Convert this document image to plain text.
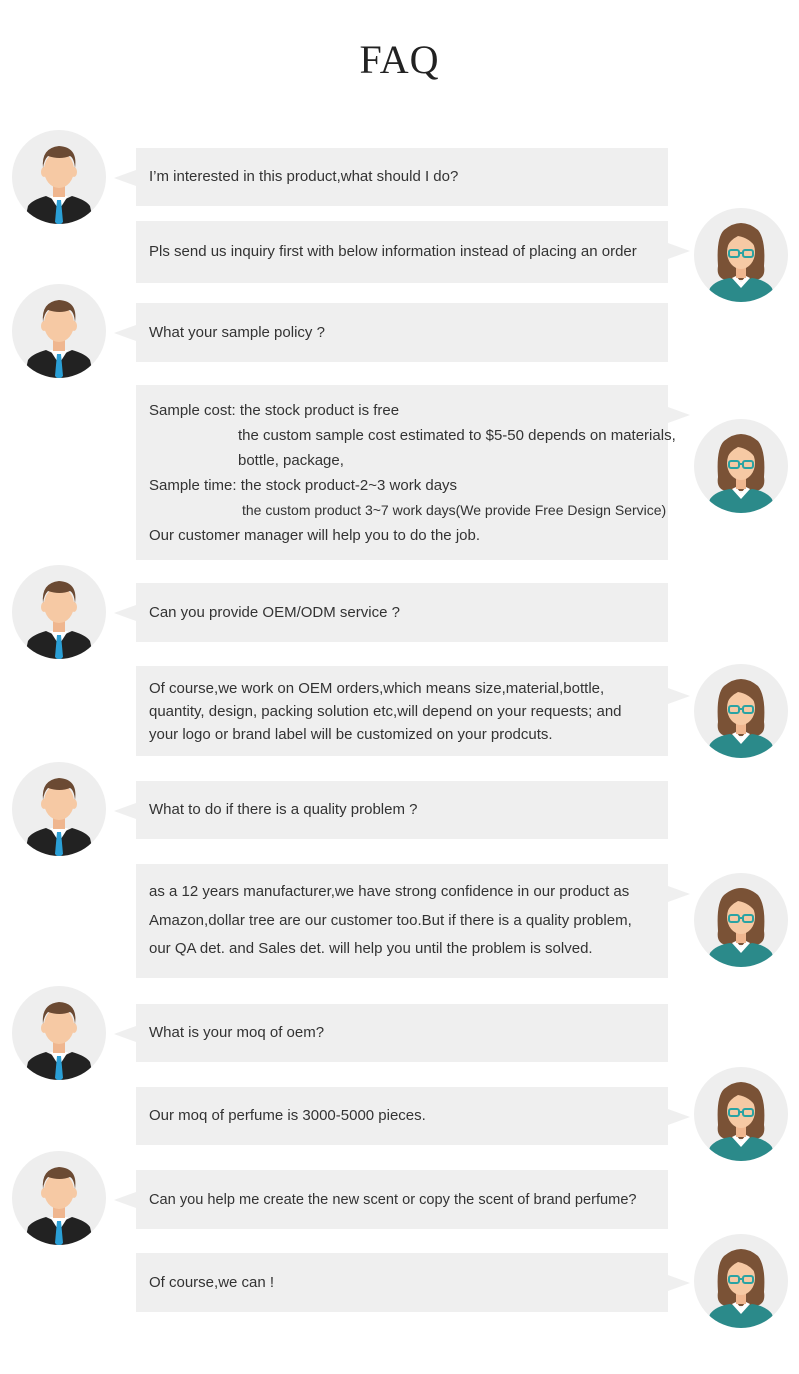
FAQ
I’m interested in this product,what should I do?
Pls send us inquiry first with below information instead of placing an order
What your sample policy ?
Sample cost: the stock product is free
the custom sample cost estimated to $5-50 depends on materials,
bottle, package,
Sample time: the stock product-2~3 work days
the custom product 3~7 work days(We provide Free Design Service)
Our customer manager will help you to do the job.
Can you provide OEM/ODM service ?
Of course,we work on OEM orders,which means size,material,bottle,
quantity, design, packing solution etc,will depend on your requests; and
your logo or brand label will be customized on your prodcuts.
What to do if there is a quality problem ?
as a 12 years manufacturer,we have strong confidence in our product as
Amazon,dollar tree are our customer too.But if there is a quality problem,
our QA det. and Sales det. will help you until the problem is solved.
What is your moq of oem?
Our moq of perfume is 3000-5000 pieces.
Can you help me create the new scent or copy the scent of brand perfume?
Of course,we can !
